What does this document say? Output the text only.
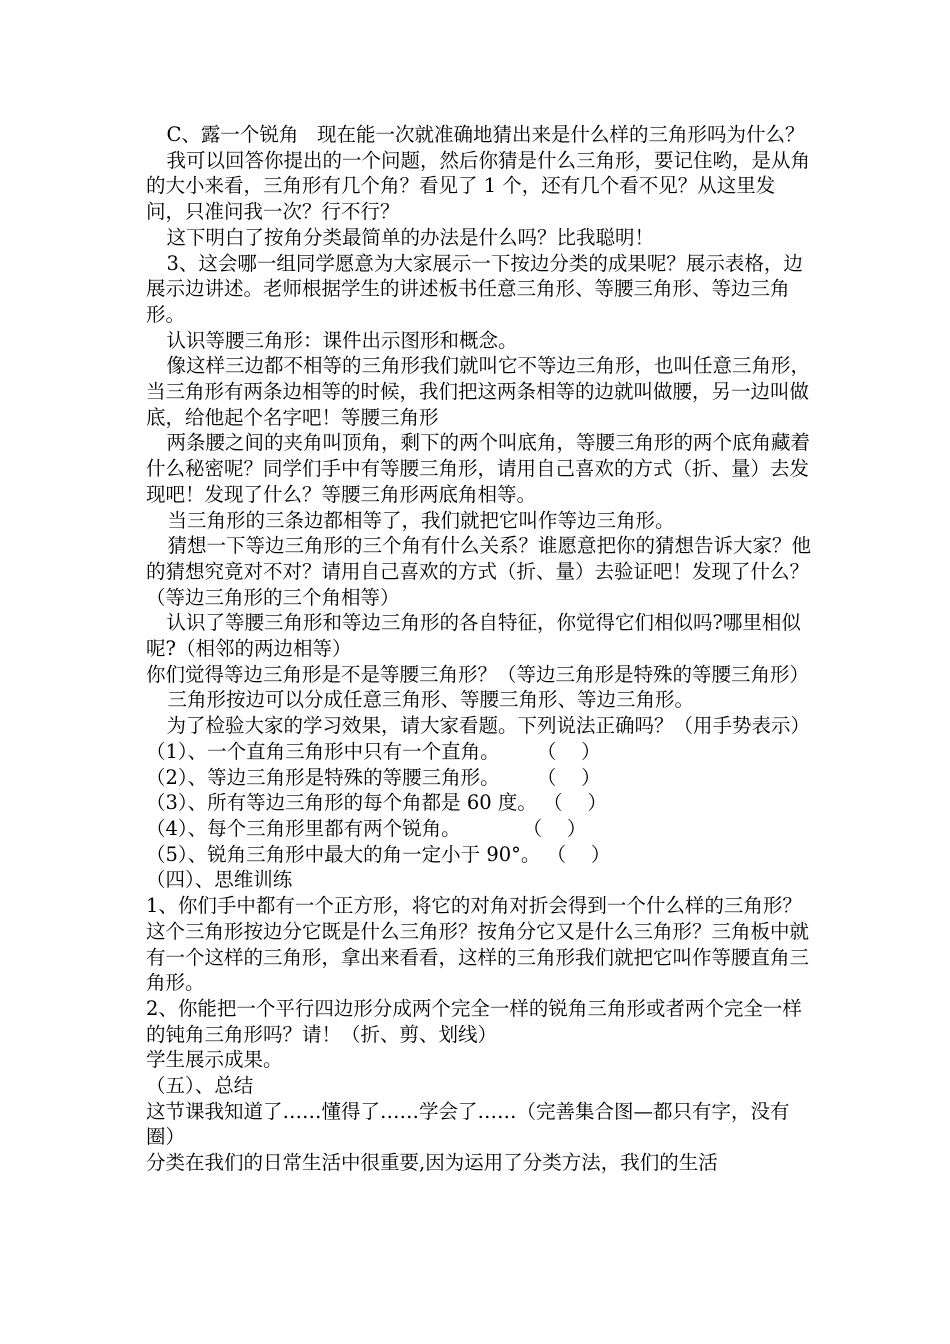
C、露一个锐角   现在能一次就准确地猜出来是什么样的三角形吗为什么？

我可以回答你提出的一个问题，然后你猜是什么三角形，要记住哟，是从角的大小来看，三角形有几个角？看见了 1 个，还有几个看不见？从这里发问，只准问我一次？行不行？

这下明白了按角分类最简单的办法是什么吗？比我聪明！

3、这会哪一组同学愿意为大家展示一下按边分类的成果呢？展示表格，边展示边讲述。老师根据学生的讲述板书任意三角形、等腰三角形、等边三角形。

认识等腰三角形：课件出示图形和概念。

像这样三边都不相等的三角形我们就叫它不等边三角形，也叫任意三角形，当三角形有两条边相等的时候，我们把这两条相等的边就叫做腰，另一边叫做底，给他起个名字吧！等腰三角形

两条腰之间的夹角叫顶角，剩下的两个叫底角，等腰三角形的两个底角藏着什么秘密呢？同学们手中有等腰三角形，请用自己喜欢的方式（折、量）去发现吧！发现了什么？等腰三角形两底角相等。

当三角形的三条边都相等了，我们就把它叫作等边三角形。

猜想一下等边三角形的三个角有什么关系？谁愿意把你的猜想告诉大家？他的猜想究竟对不对？请用自己喜欢的方式（折、量）去验证吧！发现了什么？（等边三角形的三个角相等）

认识了等腰三角形和等边三角形的各自特征，你觉得它们相似吗?哪里相似呢?（相邻的两边相等）

你们觉得等边三角形是不是等腰三角形？（等边三角形是特殊的等腰三角形）

三角形按边可以分成任意三角形、等腰三角形、等边三角形。

为了检验大家的学习效果，请大家看题。下列说法正确吗？（用手势表示）

（1）、一个直角三角形中只有一个直角。      （    ）

（2）、等边三角形是特殊的等腰三角形。      （    ）

（3）、所有等边三角形的每个角都是 60 度。 （    ）

（4）、每个三角形里都有两个锐角。          （    ）

（5）、锐角三角形中最大的角一定小于 90°。 （    ）

（四）、思维训练

1、你们手中都有一个正方形，将它的对角对折会得到一个什么样的三角形？这个三角形按边分它既是什么三角形？按角分它又是什么三角形？三角板中就有一个这样的三角形，拿出来看看，这样的三角形我们就把它叫作等腰直角三角形。

2、你能把一个平行四边形分成两个完全一样的锐角三角形或者两个完全一样的钝角三角形吗？请！（折、剪、划线）

学生展示成果。

（五）、总结

这节课我知道了……懂得了……学会了……（完善集合图—都只有字，没有圈）

分类在我们的日常生活中很重要,因为运用了分类方法，我们的生活
